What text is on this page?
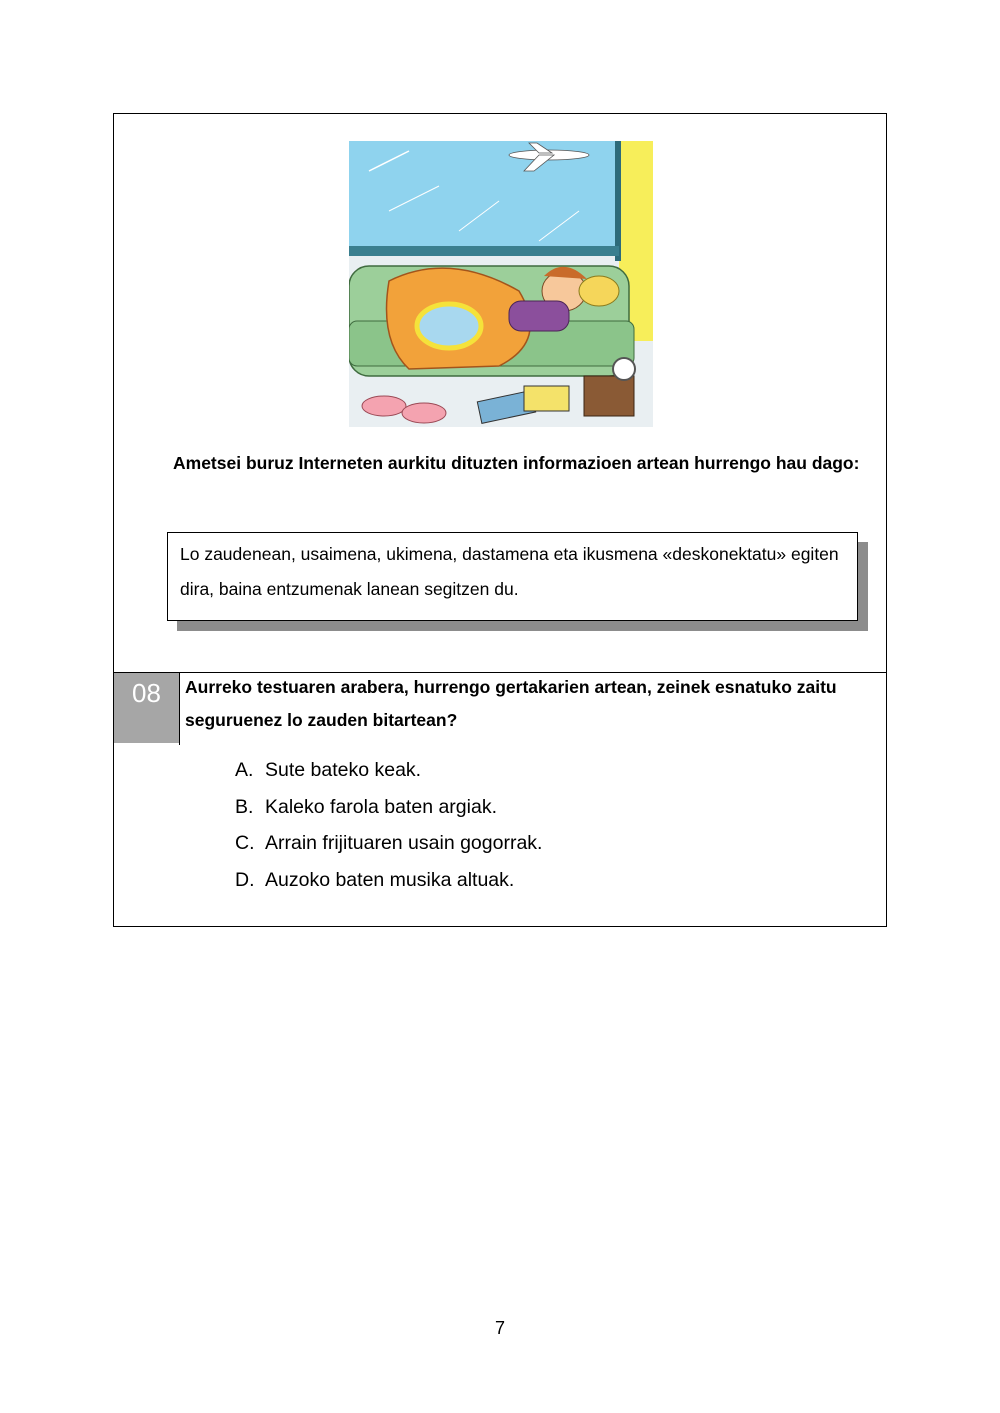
Ametsei buruz Interneten aurkitu dituzten informazioen artean hurrengo hau dago:

Lo zaudenean, usaimena, ukimena, dastamena eta ikusmena «deskonektatu» egiten dira, baina entzumenak lanean segitzen du.

08	Aurreko testuaren arabera, hurrengo gertakarien artean, zeinek esnatuko zaitu seguruenez lo zauden bitartean?
A. Sute bateko keak.
B. Kaleko farola baten argiak.
C. Arrain frijituaren usain gogorrak.
D. Auzoko baten musika altuak.
7
